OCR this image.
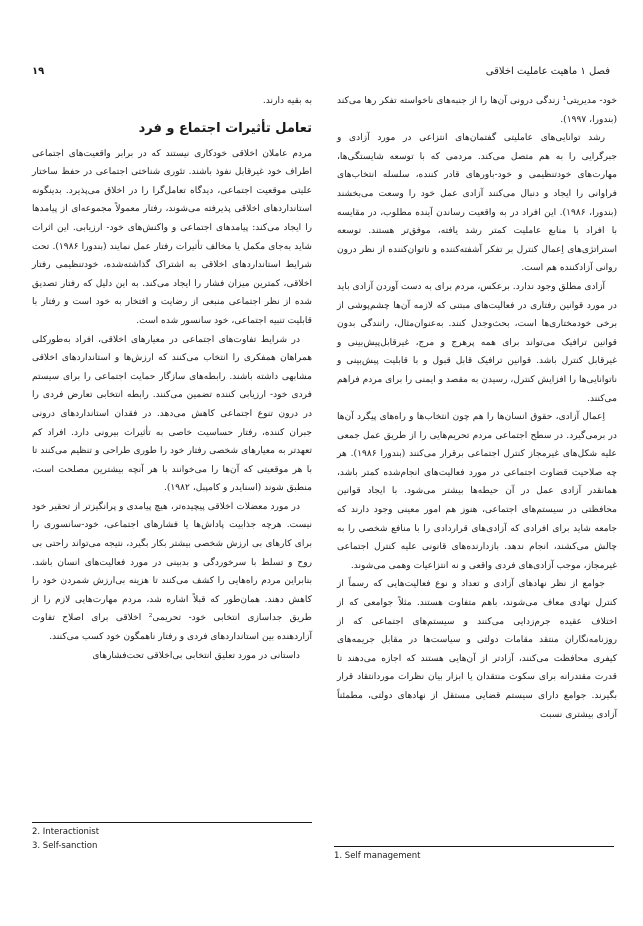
فصل ۱ ماهیت عاملیت اخلاقی
۱۹

خود- مدیریتی¹ زندگی درونی آن‌ها را از جنبه‌های ناخواسته تفکر رها می‌کند (بندورا، ۱۹۹۷).

رشد توانایی‌های عاملیتی گفتمان‌های انتزاعی در مورد آزادی و جبرگرایی را به هم متصل می‌کند. مردمی که با توسعه شایستگی‌ها، مهارت‌های خودتنظیمی و خود-باورهای قادر کننده، سلسله انتخاب‌های فراوانی را ایجاد و دنبال می‌کنند آزادی عمل خود را وسعت می‌بخشند (بندورا، ۱۹۸۶). این افراد در به واقعیت رساندن آینده مطلوب، در مقایسه با افراد با منابع عاملیت کمتر رشد یافته، موفق‌تر هستند. توسعه استراتژی‌های اِعمال کنترل بر تفکر آشفته‌کننده و ناتوان‌کننده از نظر درون روانی آزادکننده هم است.

آزادی مطلق وجود ندارد. برعکس، مردم برای به دست آوردن آزادی باید در مورد قوانین رفتاری در فعالیت‌های مبتنی که لازمه آن‌ها چشم‌پوشی از برخی خودمختاری‌ها است، بحث‌وجدل کنند. به‌عنوان‌مثال، رانندگی بدون قوانین ترافیک می‌تواند برای همه پرهرج و مرج، غیرقابل‌پیش‌بینی و غیرقابل کنترل باشد. قوانین ترافیک قابل قبول و با قابلیت پیش‌بینی و ناتوانایی‌ها را افزایش کنترل، رسیدن به مقصد و ایمنی را برای مردم فراهم می‌کنند.

اِعمال آزادی، حقوق انسان‌ها را هم چون انتخاب‌ها و راه‌های پیگرد آن‌ها در برمی‌گیرد. در سطح اجتماعی مردم تحریم‌هایی را از طریق عمل جمعی علیه شکل‌های غیرمجاز کنترل اجتماعی برقرار می‌کنند (بندورا ۱۹۸۶). هر چه صلاحیت قضاوت اجتماعی در مورد فعالیت‌های انجام‌شده کمتر باشد، همانقدر آزادی عمل در آن حیطه‌ها بیشتر می‌شود. با ایجاد قوانین محافظتی در سیستم‌های اجتماعی، هنوز هم امور معینی وجود دارند که جامعه شاید برای افرادی که آزادی‌های قراردادی را با منافع شخصی را به چالش می‌کشند، انجام ندهد. بازدارنده‌های قانونی علیه کنترل اجتماعی غیرمجاز، موجب آزادی‌های فردی واقعی و نه انتزاعیات وهمی می‌شوند.

جوامع از نظر نهادهای آزادی و تعداد و نوع فعالیت‌هایی که رسماً از کنترل نهادی معاف می‌شوند، باهم متفاوت هستند. مثلاً جوامعی که از اختلاف عقیده جرم‌زدایی می‌کنند و سیستم‌های اجتماعی که از روزنامه‌نگاران منتقد مقامات دولتی و سیاست‌ها در مقابل جریمه‌های کیفری محافظت می‌کنند، آزادتر از آن‌هایی هستند که اجازه می‌دهند تا قدرت مقتدرانه برای سکوت منتقدان یا ابزار بیان نظرات موردانتقاد قرار بگیرند. جوامع دارای سیستم قضایی مستقل از نهادهای دولتی، مطمئناً آزادی بیشتری نسبت

به بقیه دارند.

تعامل تأثیرات اجتماع و فرد

مردم عاملان اخلاقی خودکاری نیستند که در برابر واقعیت‌های اجتماعی اطراف خود غیرقابل نفوذ باشند. تئوری شناختی اجتماعی در حفظ ساختار علیتی موقعیت اجتماعی، دیدگاه تعامل‌گرا را در اخلاق می‌پذیرد. بدینگونه استانداردهای اخلاقی پذیرفته می‌شوند، رفتار معمولاً مجموعه‌ای از پیامدها را ایجاد می‌کند: پیامدهای اجتماعی و واکنش‌های خود- ارزیابی. این اثرات شاید به‌جای مکمل یا مخالف تأثیرات رفتار عمل نمایند (بندورا ۱۹۸۶). تحت شرایط استانداردهای اخلاقی به اشتراک گذاشته‌شده، خودتنظیمی رفتار اخلاقی، کمترین میزان فشار را ایجاد می‌کند. به این دلیل که رفتار تصدیق شده از نظر اجتماعی منبعی از رضایت و افتخار به خود است و رفتار با قابلیت تنبیه اجتماعی، خود سانسور شده است.

در شرایط تفاوت‌های اجتماعی در معیارهای اخلاقی، افراد به‌طورکلی همراهان همفکری را انتخاب می‌کنند که ارزش‌ها و استانداردهای اخلاقی مشابهی داشته باشند. رابطه‌های سازگار حمایت اجتماعی را برای سیستم فردی خود- ارزیابی کننده تضمین می‌کنند. رابطه انتخابی تعارض فردی را در درون تنوع اجتماعی کاهش می‌دهد. در فقدان استانداردهای درونی جبران کننده، رفتار حساسیت خاصی به تأثیرات بیرونی دارد. افراد کم تعهدتر به معیارهای شخصی رفتار خود را طوری طراحی و تنظیم می‌کنند تا با هر موقعیتی که آن‌ها را می‌خوانند با هر آنچه بیشترین مصلحت است، منطبق شوند (اسنایدر و کامپبل، ۱۹۸۲).

در مورد معضلات اخلاقی پیچیده‌تر، هیچ پیامدی و پرانگیزتر از تحقیر خود نیست. هرچه جذابیت پاداش‌ها یا فشارهای اجتماعی، خود-سانسوری را برای کارهای بی ارزش شخصی بیشتر بکار بگیرد، نتیجه می‌تواند راحتی بی روح و تسلط با سرخوردگی و بدبینی در مورد فعالیت‌های انسان باشد. بنابراین مردم راه‌هایی را کشف می‌کنند تا هزینه بی‌ارزش شمردن خود را کاهش دهند. همان‌طور که قبلاً اشاره شد، مردم مهارت‌هایی لازم را از طریق جداسازی انتخابی خود- تحریمی² اخلاقی برای اصلاح تفاوت آزاردهنده بین استانداردهای فردی و رفتار ناهمگون خود کسب می‌کنند.

داستانی در مورد تعلیق انتخابی بی‌اخلاقی تحت‌فشارهای

2. Interactionist
3. Self-sanction
1. Self management
